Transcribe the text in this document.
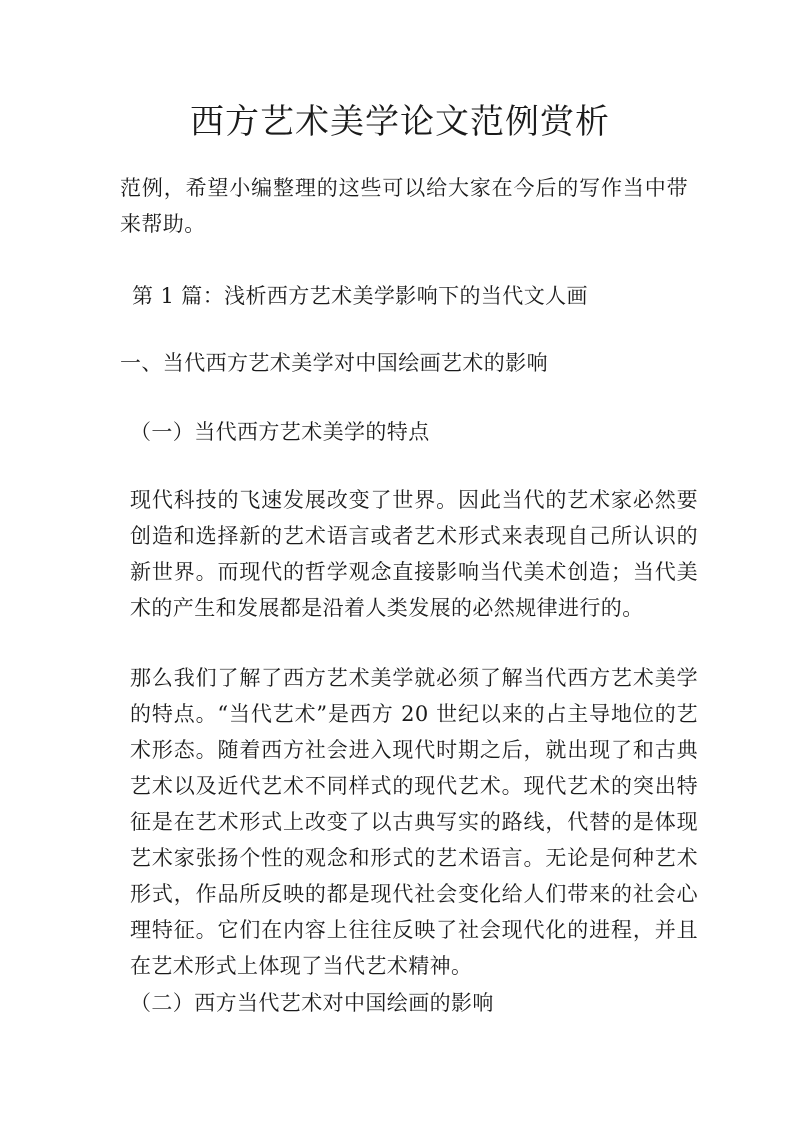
西方艺术美学论文范例赏析

范例，希望小编整理的这些可以给大家在今后的写作当中带来帮助。

第 1 篇：浅析西方艺术美学影响下的当代文人画

一、当代西方艺术美学对中国绘画艺术的影响

（一）当代西方艺术美学的特点

现代科技的飞速发展改变了世界。因此当代的艺术家必然要创造和选择新的艺术语言或者艺术形式来表现自己所认识的新世界。而现代的哲学观念直接影响当代美术创造；当代美术的产生和发展都是沿着人类发展的必然规律进行的。

那么我们了解了西方艺术美学就必须了解当代西方艺术美学的特点。“当代艺术”是西方 20 世纪以来的占主导地位的艺术形态。随着西方社会进入现代时期之后，就出现了和古典艺术以及近代艺术不同样式的现代艺术。现代艺术的突出特征是在艺术形式上改变了以古典写实的路线，代替的是体现艺术家张扬个性的观念和形式的艺术语言。无论是何种艺术形式，作品所反映的都是现代社会变化给人们带来的社会心理特征。它们在内容上往往反映了社会现代化的进程，并且在艺术形式上体现了当代艺术精神。

（二）西方当代艺术对中国绘画的影响
